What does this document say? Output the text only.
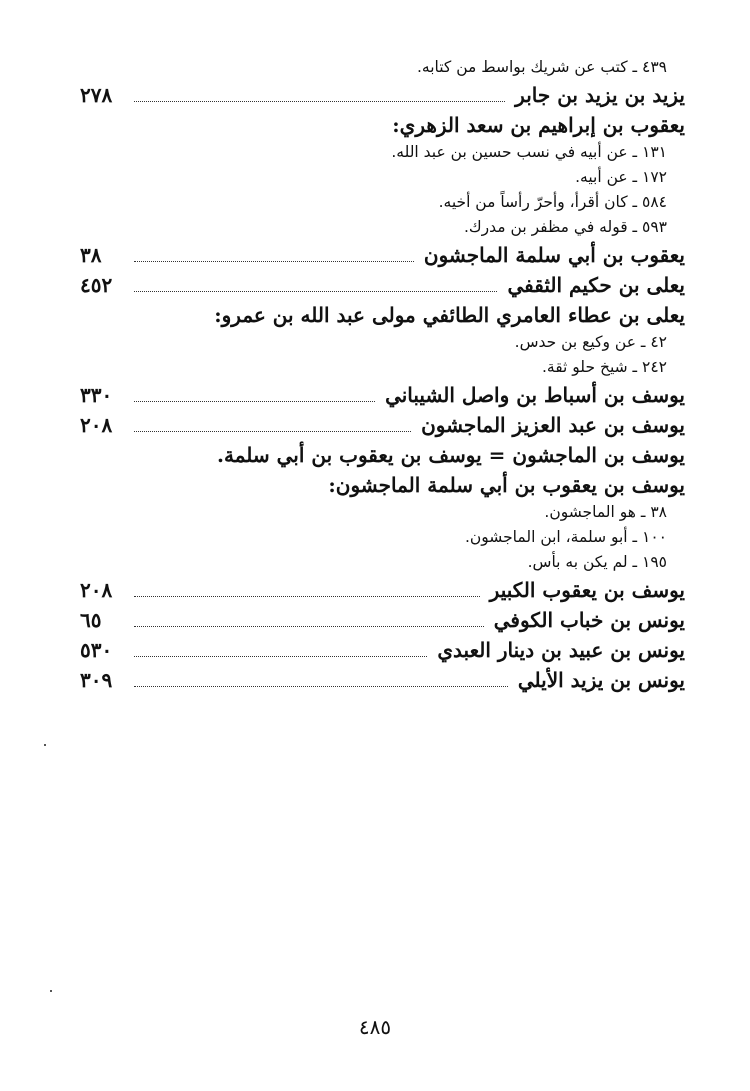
٤٣٩ ـ كتب عن شريك بواسط من كتابه.
يزيد بن يزيد بن جابر
٢٧٨
يعقوب بن إبراهيم بن سعد الزهري:
١٣١ ـ عن أبيه في نسب حسين بن عبد الله.
١٧٢ ـ عن أبيه.
٥٨٤ ـ كان أقرأ، وأحرّ رأساً من أخيه.
٥٩٣ ـ قوله في مظفر بن مدرك.
يعقوب بن أبي سلمة الماجشون
٣٨
يعلى بن حكيم الثقفي
٤٥٢
يعلى بن عطاء العامري الطائفي مولى عبد الله بن عمرو:
٤٢ ـ عن وكيع بن حدس.
٢٤٢ ـ شيخ حلو ثقة.
يوسف بن أسباط بن واصل الشيباني
٣٣٠
يوسف بن عبد العزيز الماجشون
٢٠٨
يوسف بن الماجشون = يوسف بن يعقوب بن أبي سلمة.
يوسف بن يعقوب بن أبي سلمة الماجشون:
٣٨ ـ هو الماجشون.
١٠٠ ـ أبو سلمة، ابن الماجشون.
١٩٥ ـ لم يكن به بأس.
يوسف بن يعقوب الكبير
٢٠٨
يونس بن خباب الكوفي
٦٥
يونس بن عبيد بن دينار العبدي
٥٣٠
يونس بن يزيد الأيلي
٣٠٩
٤٨٥
